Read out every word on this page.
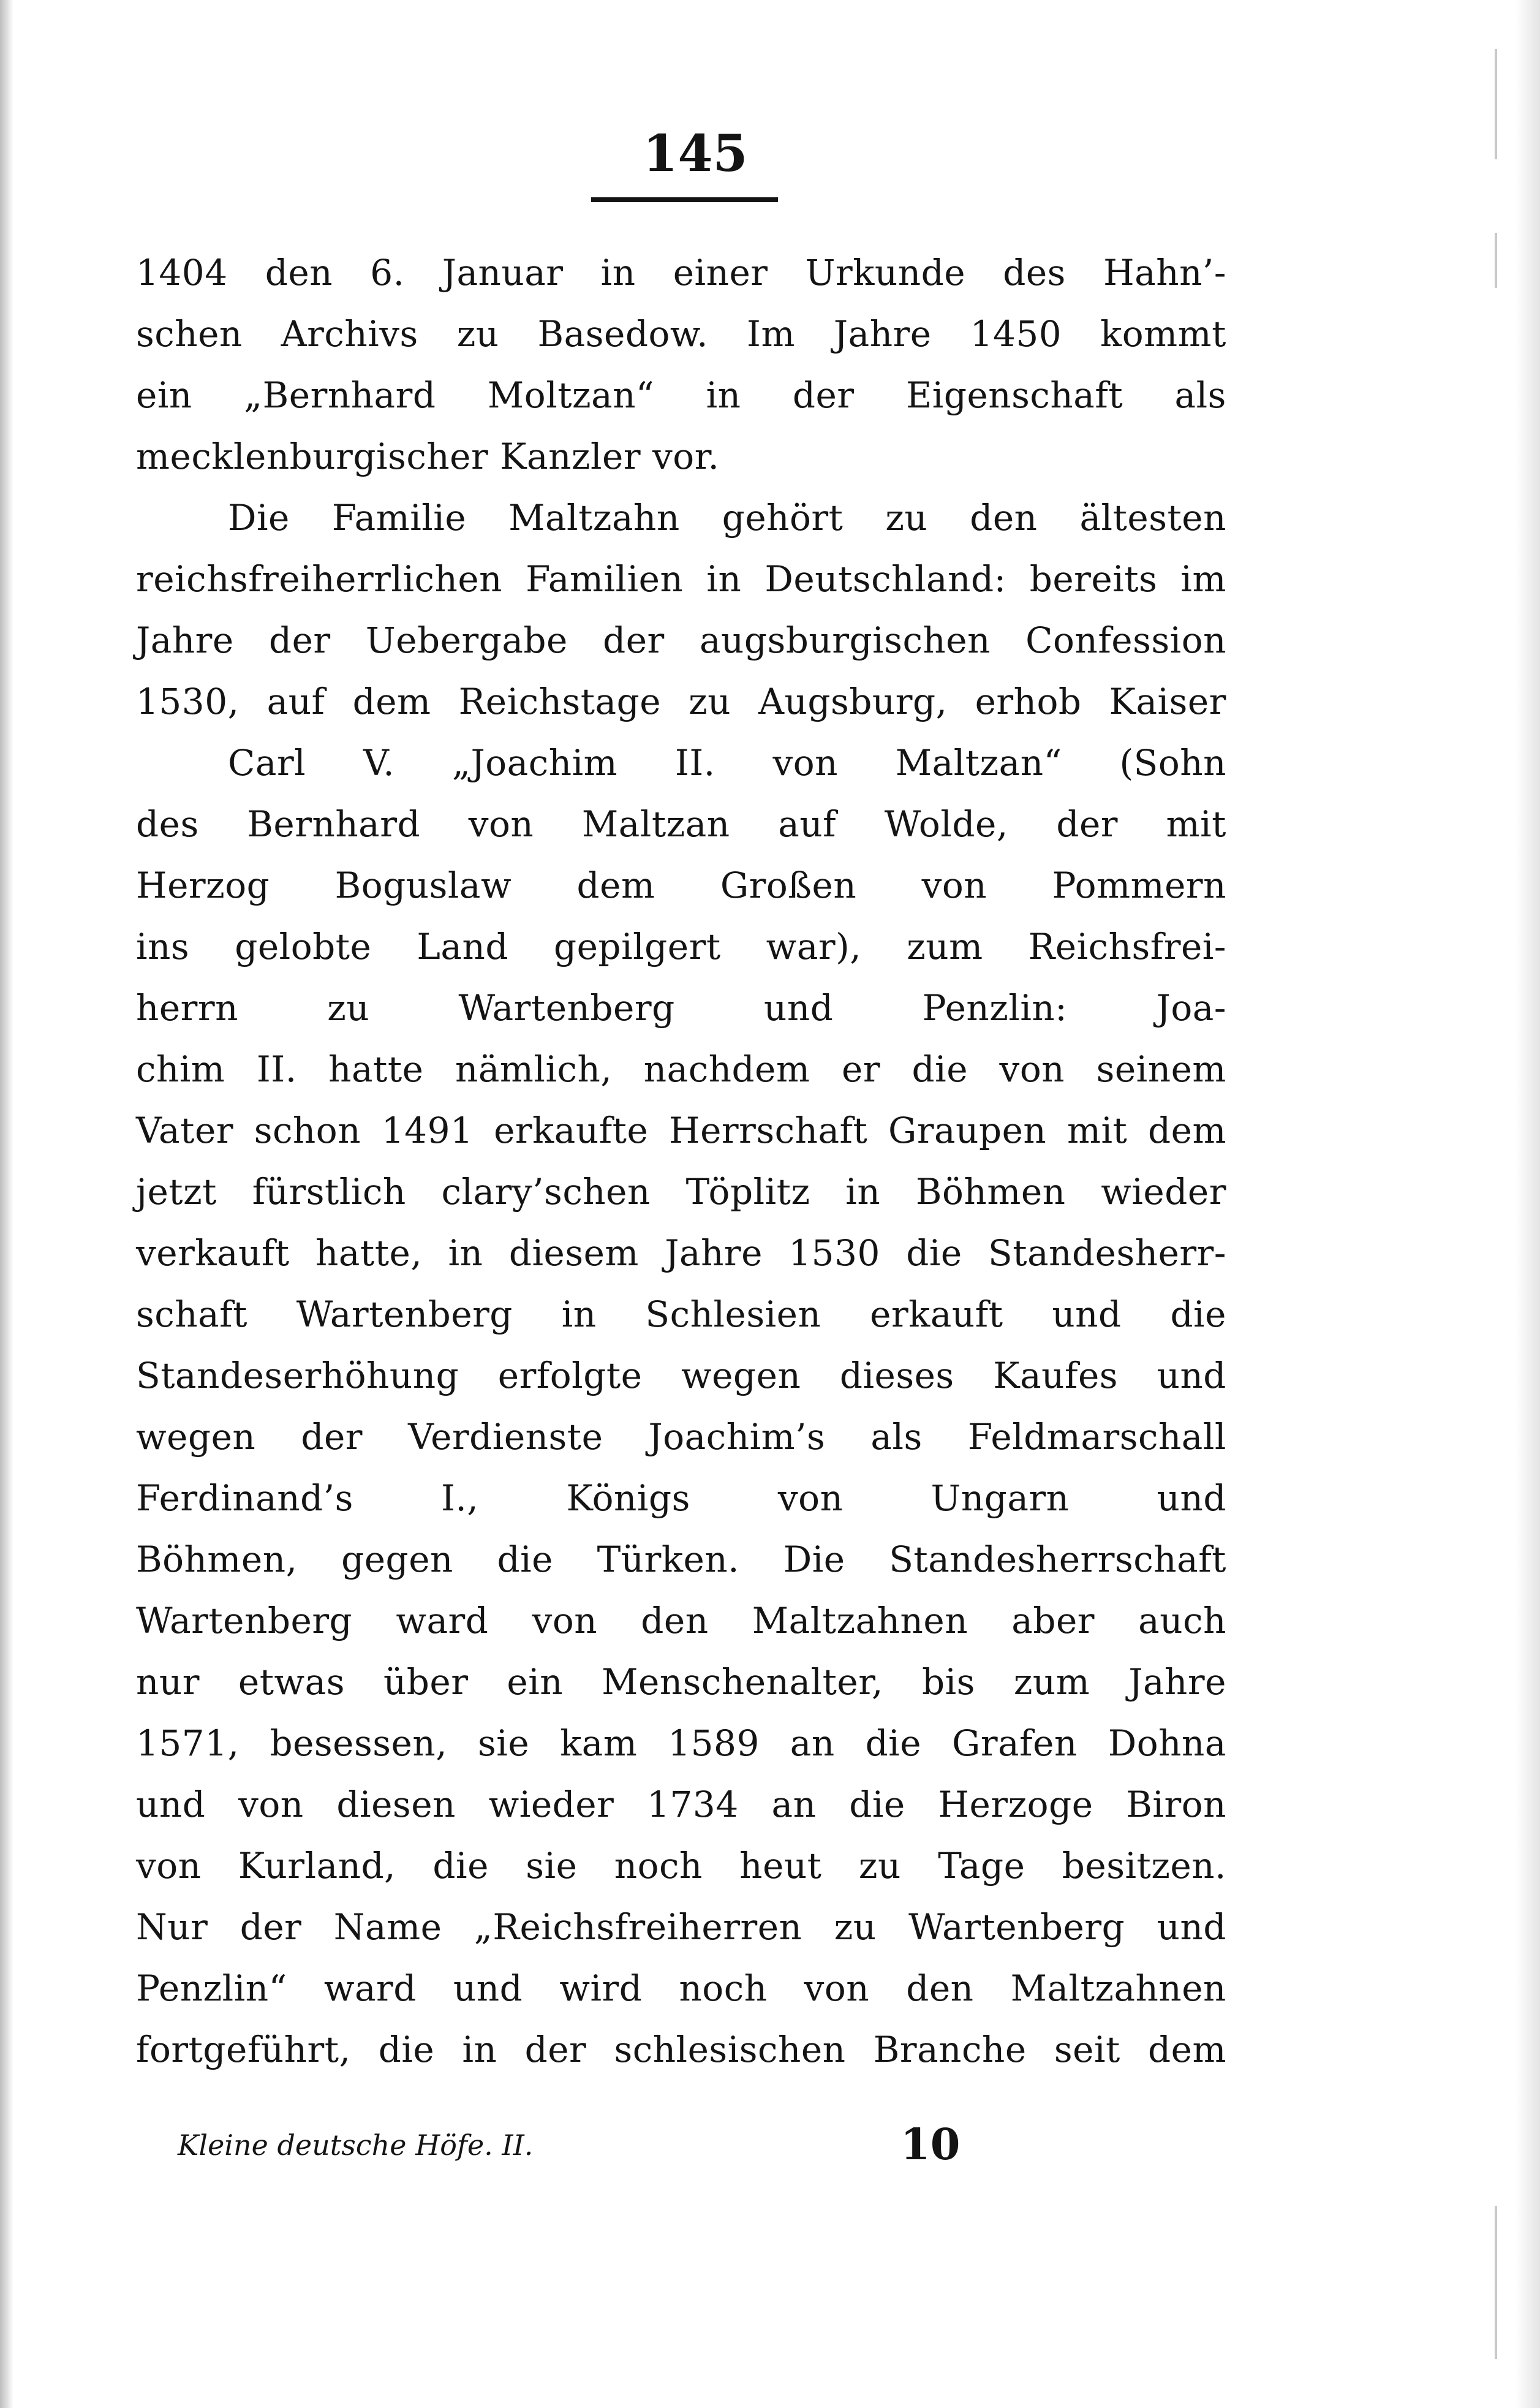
145
1404 den 6. Januar in einer Urkunde des Hahn’-
schen Archivs zu Basedow. Im Jahre 1450 kommt
ein „Bernhard Moltzan“ in der Eigenschaft als
mecklenburgischer Kanzler vor.
Die Familie Maltzahn gehört zu den ältesten
reichsfreiherrlichen Familien in Deutschland: bereits im
Jahre der Uebergabe der augsburgischen Confession
1530, auf dem Reichstage zu Augsburg, erhob Kaiser
Carl V. „Joachim II. von Maltzan“ (Sohn
des Bernhard von Maltzan auf Wolde, der mit
Herzog Boguslaw dem Großen von Pommern
ins gelobte Land gepilgert war), zum Reichsfrei-
herrn	zu	Wartenberg	und	Penzlin:	Joa-
chim II. hatte nämlich, nachdem er die von seinem
Vater schon 1491 erkaufte Herrschaft Graupen mit dem
jetzt fürstlich clary’schen Töplitz in Böhmen wieder
verkauft hatte, in diesem Jahre 1530 die Standesherr-
schaft Wartenberg in Schlesien erkauft und die
Standeserhöhung erfolgte wegen dieses Kaufes und
wegen der Verdienste Joachim’s als Feldmarschall
Ferdinand’s I., Königs von Ungarn und
Böhmen, gegen die Türken. Die Standesherrschaft
Wartenberg ward von den Maltzahnen aber auch
nur etwas über ein Menschenalter, bis zum Jahre
1571, besessen, sie kam 1589 an die Grafen Dohna
und von diesen wieder 1734 an die Herzoge Biron
von Kurland, die sie noch heut zu Tage besitzen.
Nur der Name „Reichsfreiherren zu Wartenberg und
Penzlin“ ward und wird noch von den Maltzahnen
fortgeführt, die in der schlesischen Branche seit dem
Kleine deutsche Höfe. II.	10
